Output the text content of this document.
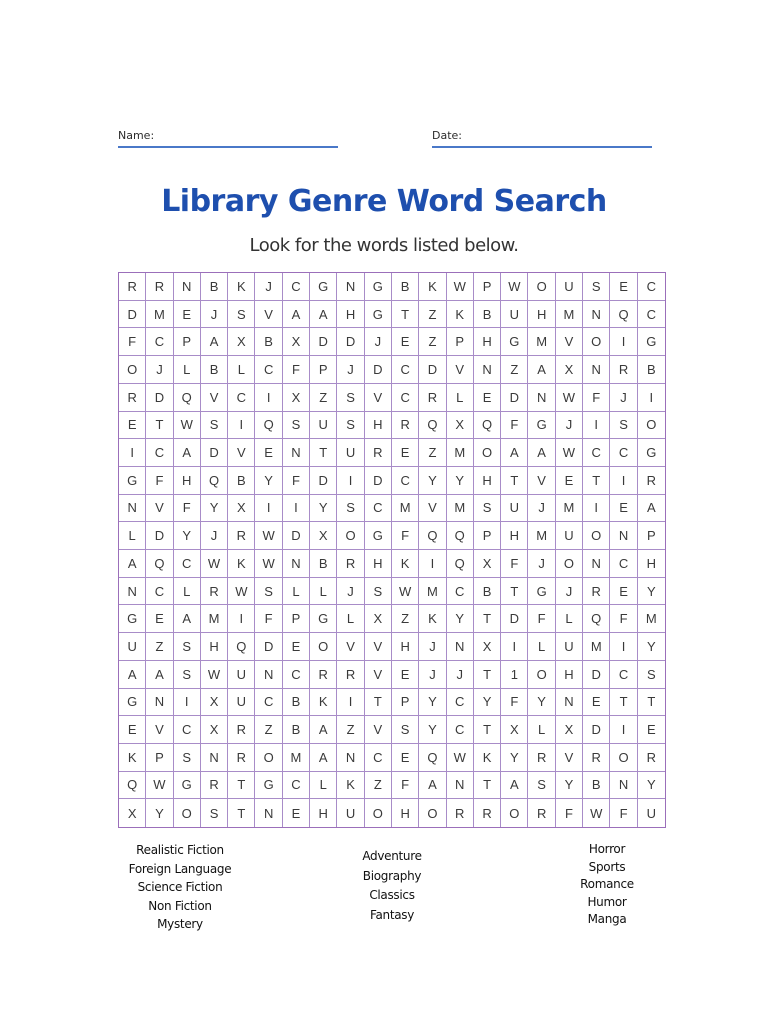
Name:	Date:
Library Genre Word Search
Look for the words listed below.
R	R	N	B	K	J	C	G	N	G	B	K	W	P	W	O	U	S	E	C
D	M	E	J	S	V	A	A	H	G	T	Z	K	B	U	H	M	N	Q	C
F	C	P	A	X	B	X	D	D	J	E	Z	P	H	G	M	V	O	I	G
O	J	L	B	L	C	F	P	J	D	C	D	V	N	Z	A	X	N	R	B
R	D	Q	V	C	I	X	Z	S	V	C	R	L	E	D	N	W	F	J	I
E	T	W	S	I	Q	S	U	S	H	R	Q	X	Q	F	G	J	I	S	O
I	C	A	D	V	E	N	T	U	R	E	Z	M	O	A	A	W	C	C	G
G	F	H	Q	B	Y	F	D	I	D	C	Y	Y	H	T	V	E	T	I	R
N	V	F	Y	X	I	I	Y	S	C	M	V	M	S	U	J	M	I	E	A
L	D	Y	J	R	W	D	X	O	G	F	Q	Q	P	H	M	U	O	N	P
A	Q	C	W	K	W	N	B	R	H	K	I	Q	X	F	J	O	N	C	H
N	C	L	R	W	S	L	L	J	S	W	M	C	B	T	G	J	R	E	Y
G	E	A	M	I	F	P	G	L	X	Z	K	Y	T	D	F	L	Q	F	M
U	Z	S	H	Q	D	E	O	V	V	H	J	N	X	I	L	U	M	I	Y
A	A	S	W	U	N	C	R	R	V	E	J	J	T	1	O	H	D	C	S
G	N	I	X	U	C	B	K	I	T	P	Y	C	Y	F	Y	N	E	T	T
E	V	C	X	R	Z	B	A	Z	V	S	Y	C	T	X	L	X	D	I	E
K	P	S	N	R	O	M	A	N	C	E	Q	W	K	Y	R	V	R	O	R
Q	W	G	R	T	G	C	L	K	Z	F	A	N	T	A	S	Y	B	N	Y
X	Y	O	S	T	N	E	H	U	O	H	O	R	R	O	R	F	W	F	U
Realistic Fiction
Foreign Language
Science Fiction
Non Fiction
Mystery
Adventure
Biography
Classics
Fantasy
Horror
Sports
Romance
Humor
Manga
